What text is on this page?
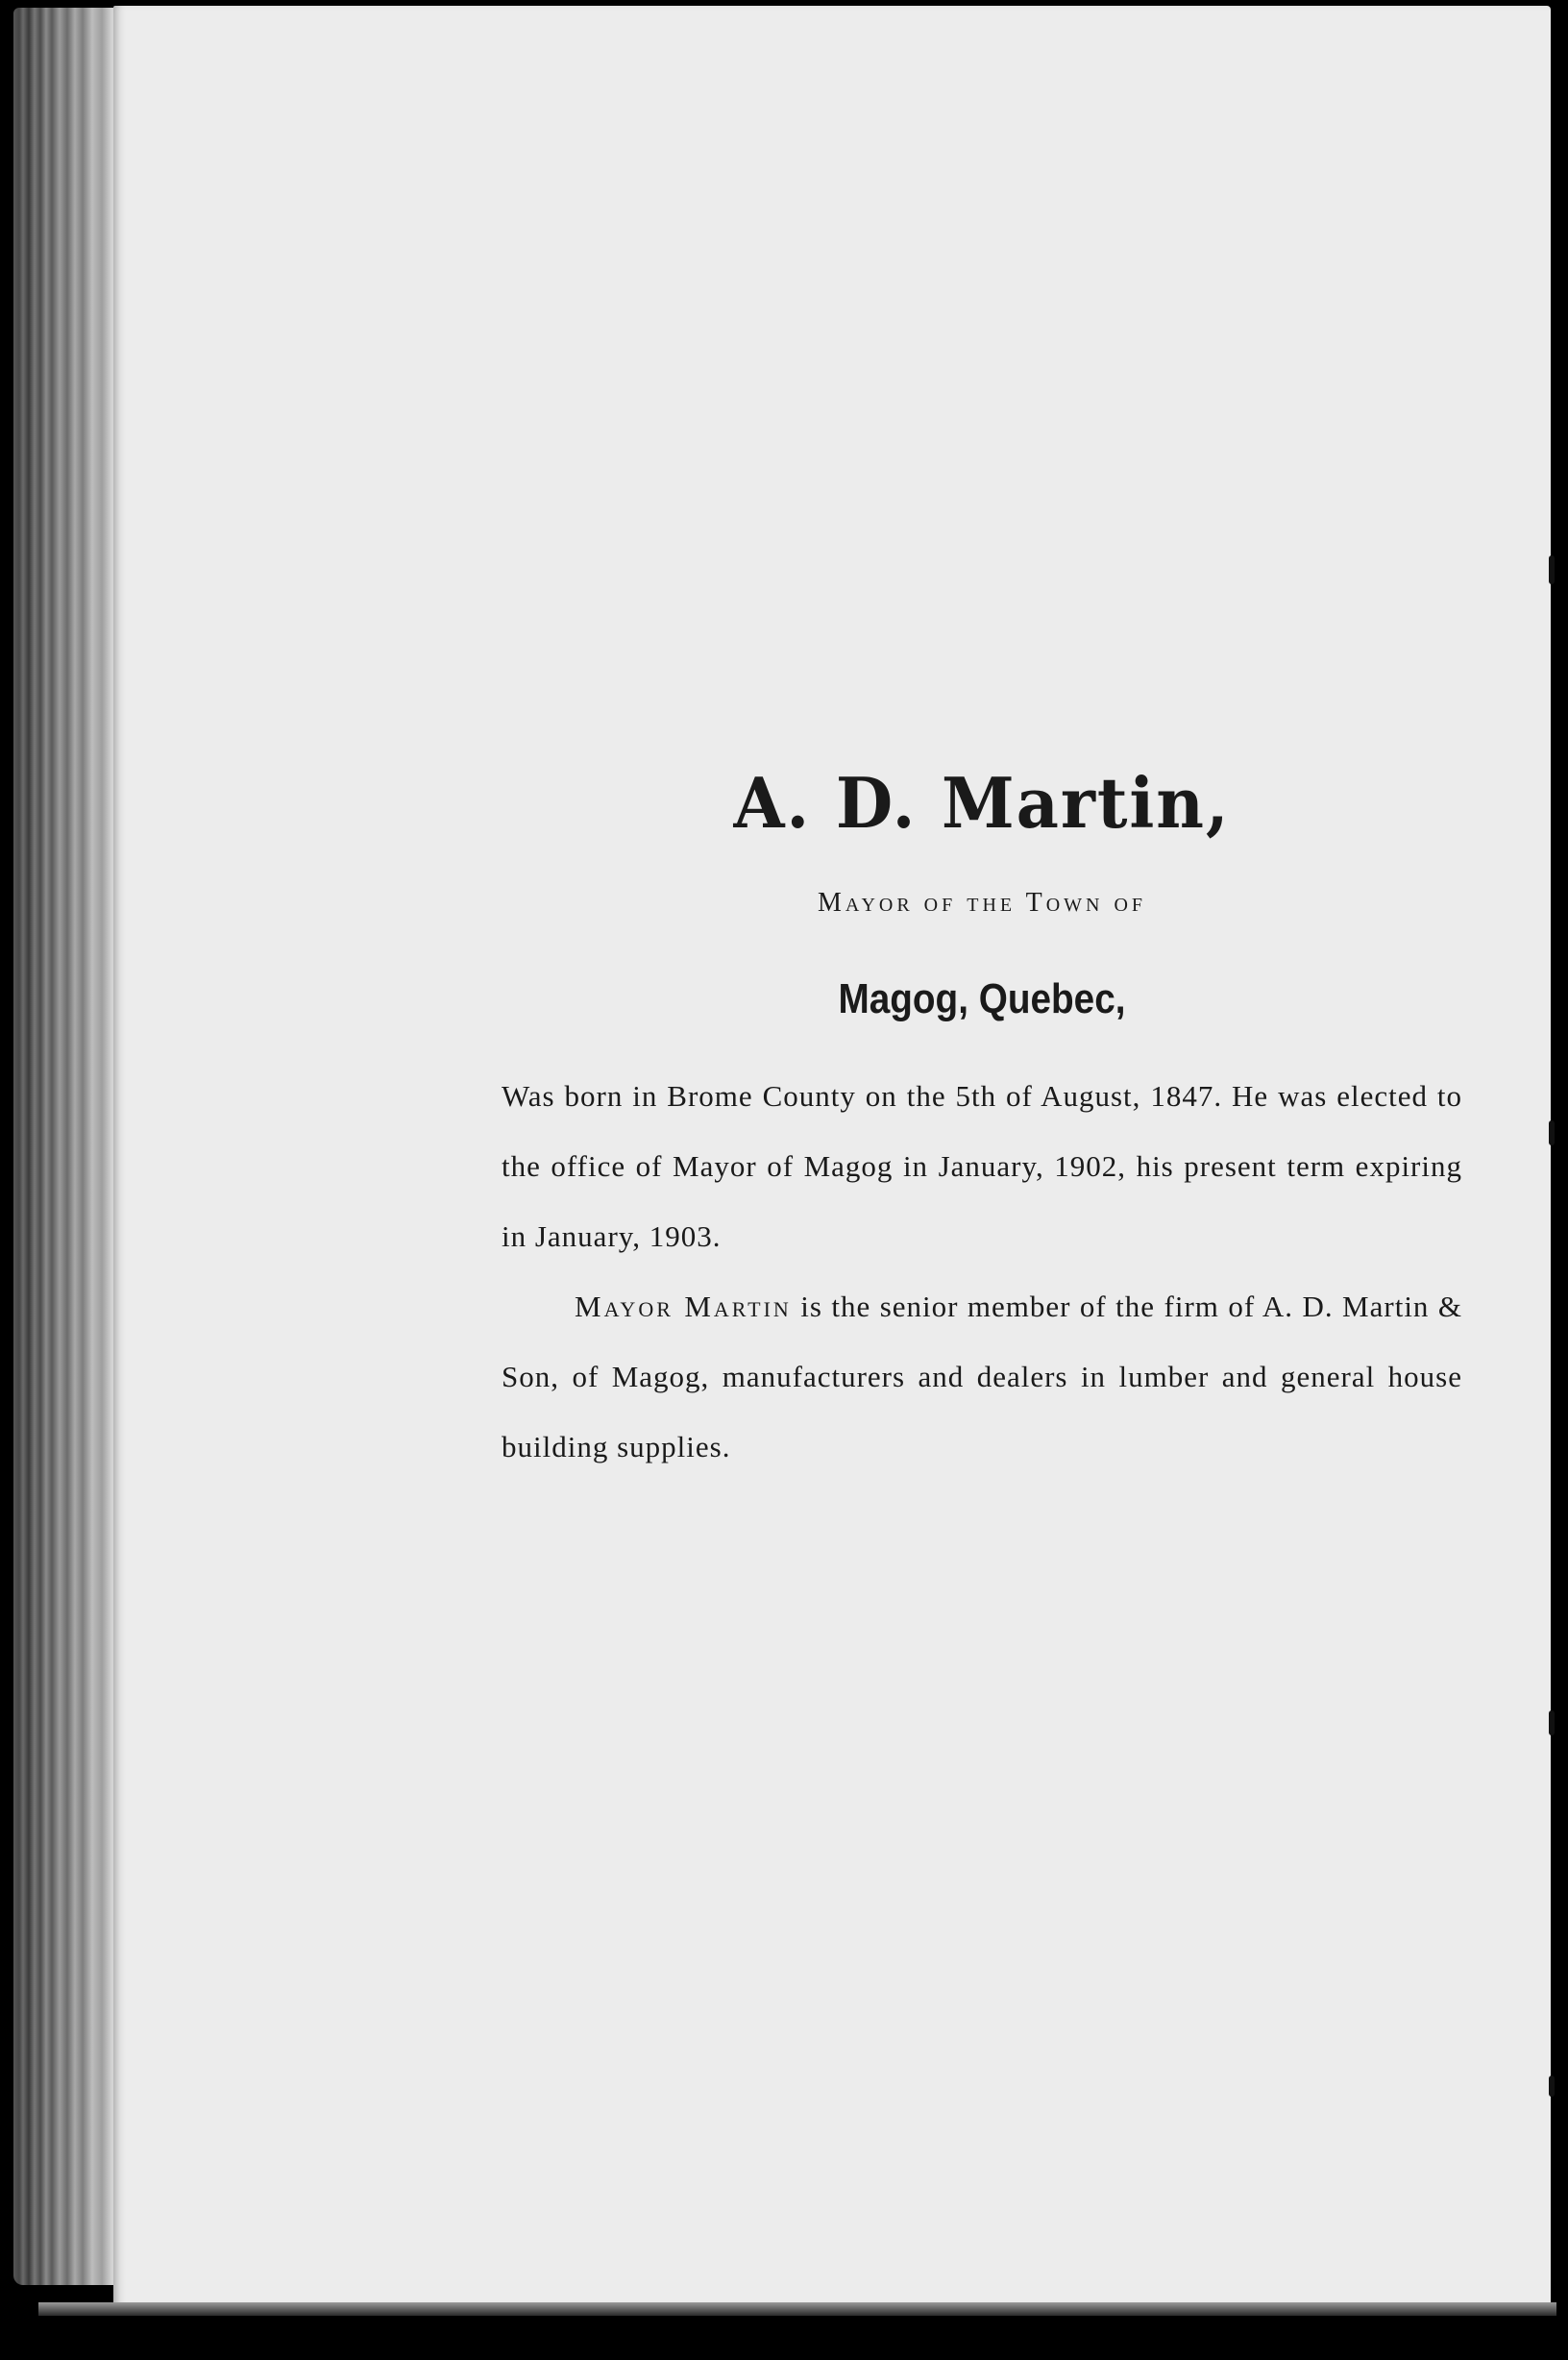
A. D. Martin,
Mayor of the Town of
Magog, Quebec,

Was born in Brome County on the 5th of August, 1847. He was elected to the office of Mayor of Magog in January, 1902, his present term expiring in January, 1903.

Mayor Martin is the senior member of the firm of A. D. Martin & Son, of Magog, manufacturers and dealers in lumber and general house building supplies.
